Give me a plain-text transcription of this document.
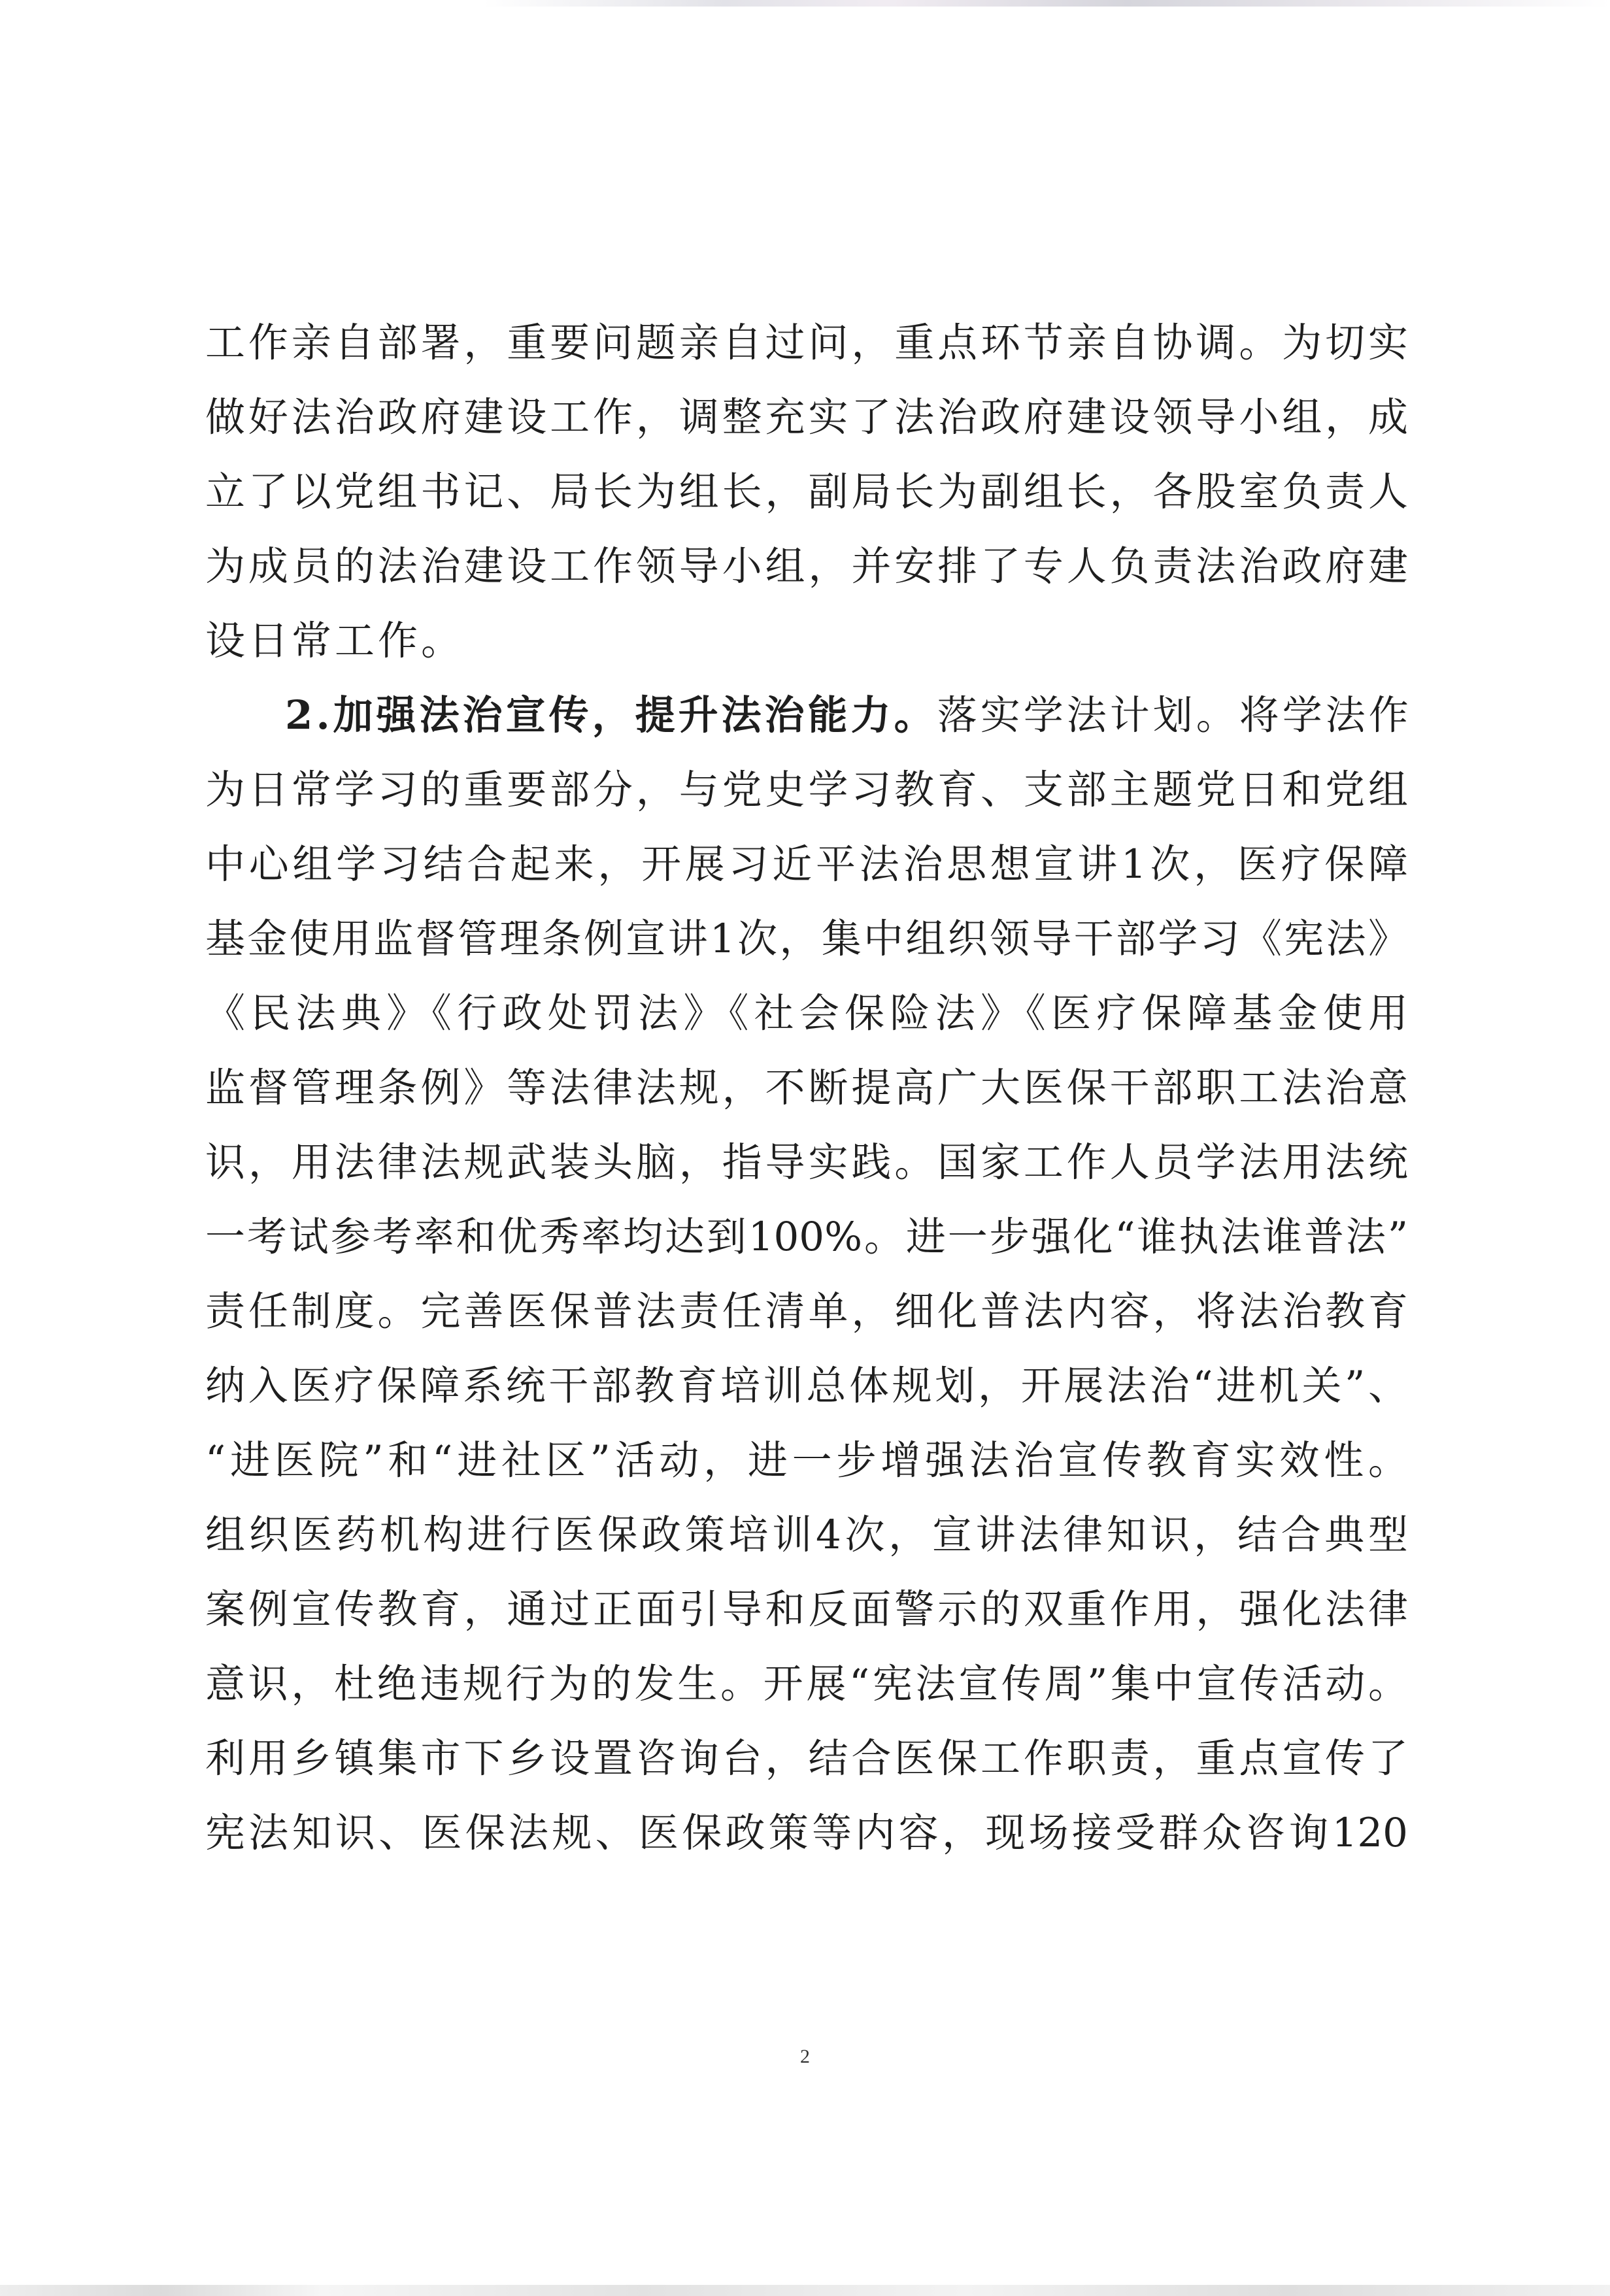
工作亲自部署，重要问题亲自过问，重点环节亲自协调。为切实
做好法治政府建设工作，调整充实了法治政府建设领导小组，成
立了以党组书记、局长为组长，副局长为副组长，各股室负责人
为成员的法治建设工作领导小组，并安排了专人负责法治政府建
设日常工作。
2.加强法治宣传，提升法治能力。落实学法计划。将学法作
为日常学习的重要部分，与党史学习教育、支部主题党日和党组
中心组学习结合起来，开展习近平法治思想宣讲1次，医疗保障
基金使用监督管理条例宣讲1次，集中组织领导干部学习《宪法》
《民法典》《行政处罚法》《社会保险法》《医疗保障基金使用
监督管理条例》等法律法规，不断提高广大医保干部职工法治意
识，用法律法规武装头脑，指导实践。国家工作人员学法用法统
一考试参考率和优秀率均达到100%。进一步强化“谁执法谁普法”
责任制度。完善医保普法责任清单，细化普法内容，将法治教育
纳入医疗保障系统干部教育培训总体规划，开展法治“进机关”、
“进医院”和“进社区”活动，进一步增强法治宣传教育实效性。
组织医药机构进行医保政策培训4次，宣讲法律知识，结合典型
案例宣传教育，通过正面引导和反面警示的双重作用，强化法律
意识，杜绝违规行为的发生。开展“宪法宣传周”集中宣传活动。
利用乡镇集市下乡设置咨询台，结合医保工作职责，重点宣传了
宪法知识、医保法规、医保政策等内容，现场接受群众咨询120
2
